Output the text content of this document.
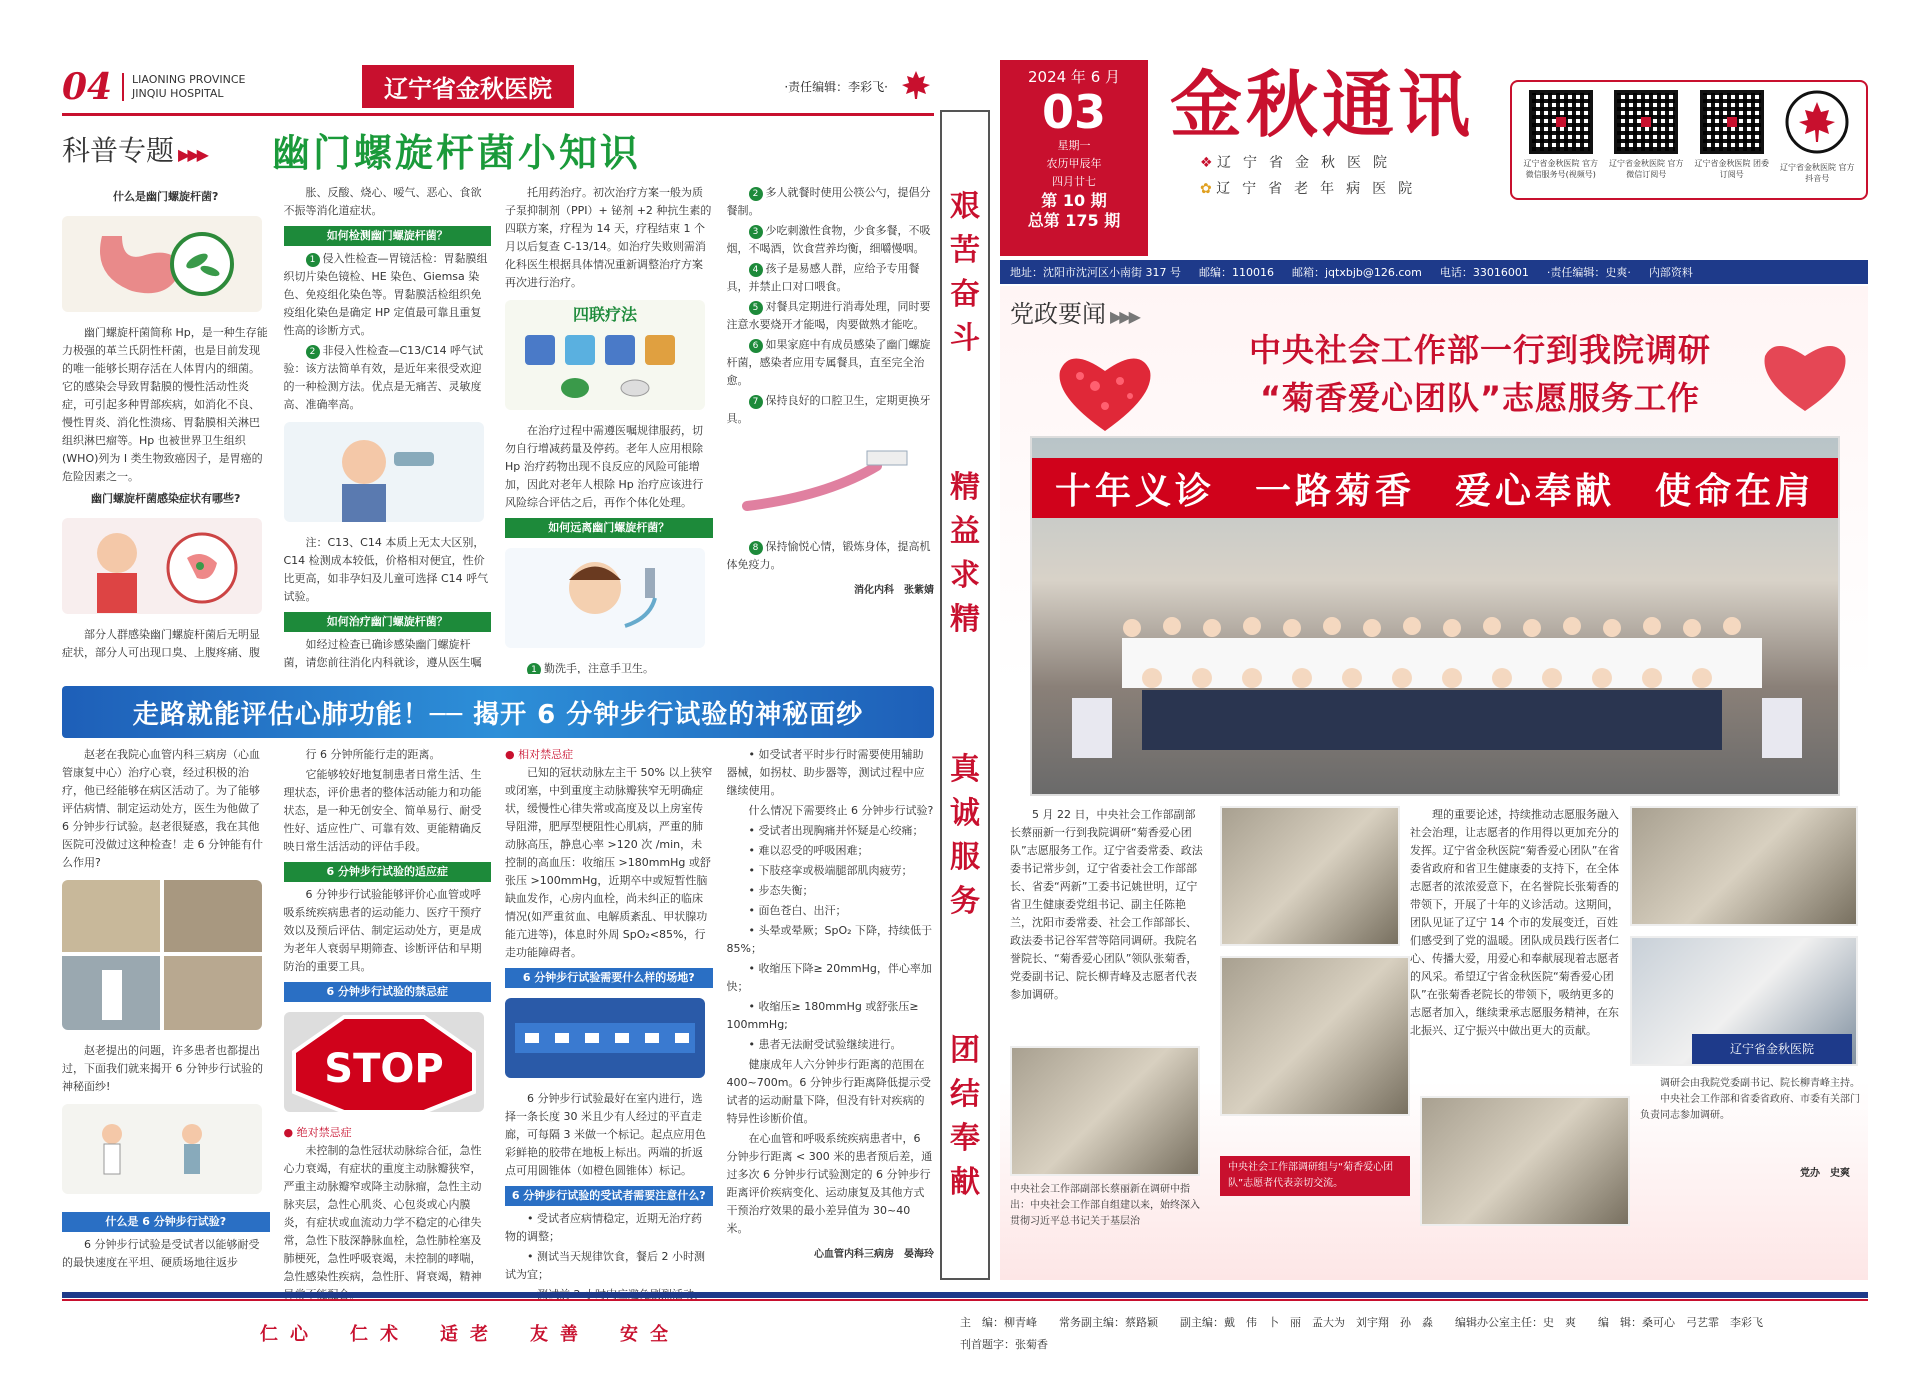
04	LIAONING PROVINCE
JINQIU HOSPITAL	辽宁省金秋医院	·责任编辑：李彩飞·
科普专题 ▶▶▶ 幽门螺旋杆菌小知识
什么是幽门螺旋杆菌?

幽门螺旋杆菌简称 Hp，是一种生存能力极强的革兰氏阴性杆菌，也是目前发现的唯一能够长期存活在人体胃内的细菌。它的感染会导致胃黏膜的慢性活动性炎症，可引起多种胃部疾病，如消化不良、慢性胃炎、消化性溃疡、胃黏膜相关淋巴组织淋巴瘤等。Hp 也被世界卫生组织(WHO)列为 I 类生物致癌因子，是胃癌的危险因素之一。

幽门螺旋杆菌感染症状有哪些?

部分人群感染幽门螺旋杆菌后无明显症状，部分人可出现口臭、上腹疼痛、腹

胀、反酸、烧心、嗳气、恶心、食欲不振等消化道症状。

如何检测幽门螺旋杆菌？

1 侵入性检查—胃镜活检：胃黏膜组织切片染色镜检、HE 染色、Giemsa 染色、免疫组化染色等。胃黏膜活检组织免疫组化染色是确定 HP 定值最可靠且重复性高的诊断方式。

2 非侵入性检查—C13/C14 呼气试验：该方法简单有效，是近年来很受欢迎的一种检测方法。优点是无痛苦、灵敏度高、准确率高。

注：C13、C14 本质上无太大区别，C14 检测成本较低，价格相对便宜，性价比更高，如非孕妇及儿童可选择 C14 呼气试验。

如何治疗幽门螺旋杆菌？

如经过检查已确诊感染幽门螺旋杆菌，请您前往消化内科就诊，遵从医生嘱

托用药治疗。初次治疗方案一般为质子泵抑制剂（PPI）+ 铋剂 +2 种抗生素的四联方案，疗程为 14 天，疗程结束 1 个月以后复查 C-13/14。如治疗失败则需消化科医生根据具体情况重新调整治疗方案再次进行治疗。

四联疗法

在治疗过程中需遵医嘱规律服药，切勿自行增减药量及停药。老年人应用根除 Hp 治疗药物出现不良反应的风险可能增加，因此对老年人根除 Hp 治疗应该进行风险综合评估之后，再作个体化处理。

如何远离幽门螺旋杆菌？

1 勤洗手，注意手卫生。

2 多人就餐时使用公筷公勺，提倡分餐制。

3 少吃刺激性食物，少食多餐，不吸烟，不喝酒，饮食营养均衡，细嚼慢咽。

4 孩子是易感人群，应给予专用餐具，并禁止口对口喂食。

5 对餐具定期进行消毒处理，同时要注意水要烧开才能喝，肉要做熟才能吃。

6 如果家庭中有成员感染了幽门螺旋杆菌，感染者应用专属餐具，直至完全治愈。

7 保持良好的口腔卫生，定期更换牙具。

8 保持愉悦心情，锻炼身体，提高机体免疫力。

消化内科　张紫婧
走路就能评估心肺功能！── 揭开 6 分钟步行试验的神秘面纱

赵老在我院心血管内科三病房（心血管康复中心）治疗心衰，经过积极的治疗，他已经能够在病区活动了。为了能够评估病情、制定运动处方，医生为他做了 6 分钟步行试验。赵老很疑惑，我在其他医院可没做过这种检查！走 6 分钟能有什么作用?

赵老提出的问题，许多患者也都提出过，下面我们就来揭开 6 分钟步行试验的神秘面纱!

什么是 6 分钟步行试验?

6 分钟步行试验是受试者以能够耐受的最快速度在平坦、硬质场地往返步

行 6 分钟所能行走的距离。

它能够较好地复制患者日常生活、生理状态，评价患者的整体活动能力和功能状态，是一种无创安全、简单易行、耐受性好、适应性广、可靠有效、更能精确反映日常生活活动的评估手段。

6 分钟步行试验的适应症

6 分钟步行试验能够评价心血管或呼吸系统疾病患者的运动能力、医疗干预疗效以及预后评估、制定运动处方，更是成为老年人衰弱早期筛查、诊断评估和早期防治的重要工具。

6 分钟步行试验的禁忌症
STOP
● 绝对禁忌症

未控制的急性冠状动脉综合征，急性心力衰竭，有症状的重度主动脉瓣狭窄，严重主动脉瓣窄或降主动脉瘤，急性主动脉夹层，急性心肌炎、心包炎或心内膜炎，有症状或血流动力学不稳定的心律失常，急性下肢深静脉血栓，急性肺栓塞及肺梗死，急性呼吸衰竭，未控制的哮喘，急性感染性疾病，急性肝、肾衰竭，精神

● 相对禁忌症

已知的冠状动脉左主干 50% 以上狭窄或闭塞，中到重度主动脉瓣狭窄无明确症状，缓慢性心律失常或高度及以上房室传导阻滞，肥厚型梗阻性心肌病，严重的肺动脉高压，静息心率 >120 次 /min，未控制的高血压：收缩压 >180mmHg 或舒张压 >100mmHg，近期卒中或短暂性脑缺血发作，心房内血栓，尚未纠正的临床情况(如严重贫血、电解质紊乱、甲状腺功能亢进等)，体息时外周 SpO₂<85%，行走功能障碍者。

6 分钟步行试验需要什么样的场地?

6 分钟步行试验最好在室内进行，选择一条长度 30 米且少有人经过的平直走廊，可每隔 3 米做一个标记。起点应用色彩鲜艳的胶带在地板上标出。两端的折返点可用圆锥体（如橙色圆锥体）标记。

6 分钟步行试验的受试者需要注意什么?

• 受试者应病情稳定，近期无治疗药物的调整；

• 测试当天规律饮食，餐后 2 小时测试为宜；

• 如受试者平时步行时需要使用辅助器械，如拐杖、助步器等，测试过程中应继续使用。

什么情况下需要终止 6 分钟步行试验?

• 受试者出现胸痛并怀疑是心绞痛；

• 难以忍受的呼吸困难；

• 下肢痉挛或极端腿部肌肉疲劳；

• 步态失衡；

• 面色苍白、出汗；

• 头晕或晕厥；SpO₂ 下降，持续低于 85%；

• 收缩压下降≥ 20mmHg，伴心率加快；

• 收缩压≥ 180mmHg 或舒张压≥ 100mmHg;

• 患者无法耐受试验继续进行。

健康成年人六分钟步行距离的范围在 400~700m。6 分钟步行距离降低提示受试者的运动耐量下降，但没有针对疾病的特异性诊断价值。

在心血管和呼吸系统疾病患者中，6 分钟步行距离 < 300 米的患者预后差，通过多次 6 分钟步行试验测定的 6 分钟步行距离评价疾病变化、运动康复及其他方式干预治疗效果的最小差异值为 30~40 米。

心血管内科三病房　晏海玲
艰
苦
奋
斗
精
益
求
精
真
诚
服
务
团
结
奉
献
2024 年 6 月
03
星期一
农历甲辰年
四月廿七
第 10 期
总第 175 期
金秋通讯
❖ 辽宁省金秋医院
✿ 辽宁省老年病医院
辽宁省金秋医院 官方微信服务号(视频号)
辽宁省金秋医院 官方微信订阅号
辽宁省金秋医院 团委订阅号
辽宁省金秋医院 官方抖音号
地址：沈阳市沈河区小南街 317 号 邮编：110016 邮箱：jqtxbjb@126.com 电话：33016001 ·责任编辑：史爽· 内部资料
党政要闻 ▶▶▶
中央社会工作部一行到我院调研
“菊香爱心团队”志愿服务工作
十年义诊　一路菊香　爱心奉献　使命在肩

5 月 22 日，中央社会工作部副部长蔡丽新一行到我院调研“菊香爱心团队”志愿服务工作。辽宁省委常委、政法委书记常步剑，辽宁省委社会工作部部长、省委“两新”工委书记姚世明，辽宁省卫生健康委党组书记、副主任陈艳兰，沈阳市委常委、社会工作部部长、政法委书记谷军营等陪同调研。我院名誉院长、“菊香爱心团队”领队张菊香，党委副书记、院长柳青峰及志愿者代表参加调研。

理的重要论述，持续推动志愿服务融入社会治理，让志愿者的作用得以更加充分的发挥。辽宁省金秋医院“菊香爱心团队”在省委省政府和省卫生健康委的支持下，在全体志愿者的浓浓爱意下，在名誉院长张菊香的带领下，开展了十年的义诊活动。这期间，团队见证了辽宁 14 个市的发展变迁，百姓们感受到了党的温暖。团队成员践行医者仁心、传播大爱，用爱心和奉献展现着志愿者的风采。希望辽宁省金秋医院“菊香爱心团队”在张菊香老院长的带领下，吸纳更多的志愿者加入，继续秉承志愿服务精神，在东北振兴、辽宁振兴中做出更大的贡献。

辽宁省金秋医院
中央社会工作部副部长蔡丽新在调研中指出：中央社会工作部自组建以来，始终深入贯彻习近平总书记关于基层治
中央社会工作部调研组与“菊香爱心团队”志愿者代表亲切交流。

调研会由我院党委副书记、院长柳青峰主持。

中央社会工作部和省委省政府、市委有关部门负责同志参加调研。

党办　史爽
仁心　仁术　适老　友善　安全
主　编：柳青峰　　常务副主编：蔡路颖　　副主编：戴　伟　卜　丽　孟大为　刘宇翔　孙　淼　　编辑办公室主任：史　爽　　编　辑：桑可心　弓艺霏　李彩飞
刊首题字：张菊香
